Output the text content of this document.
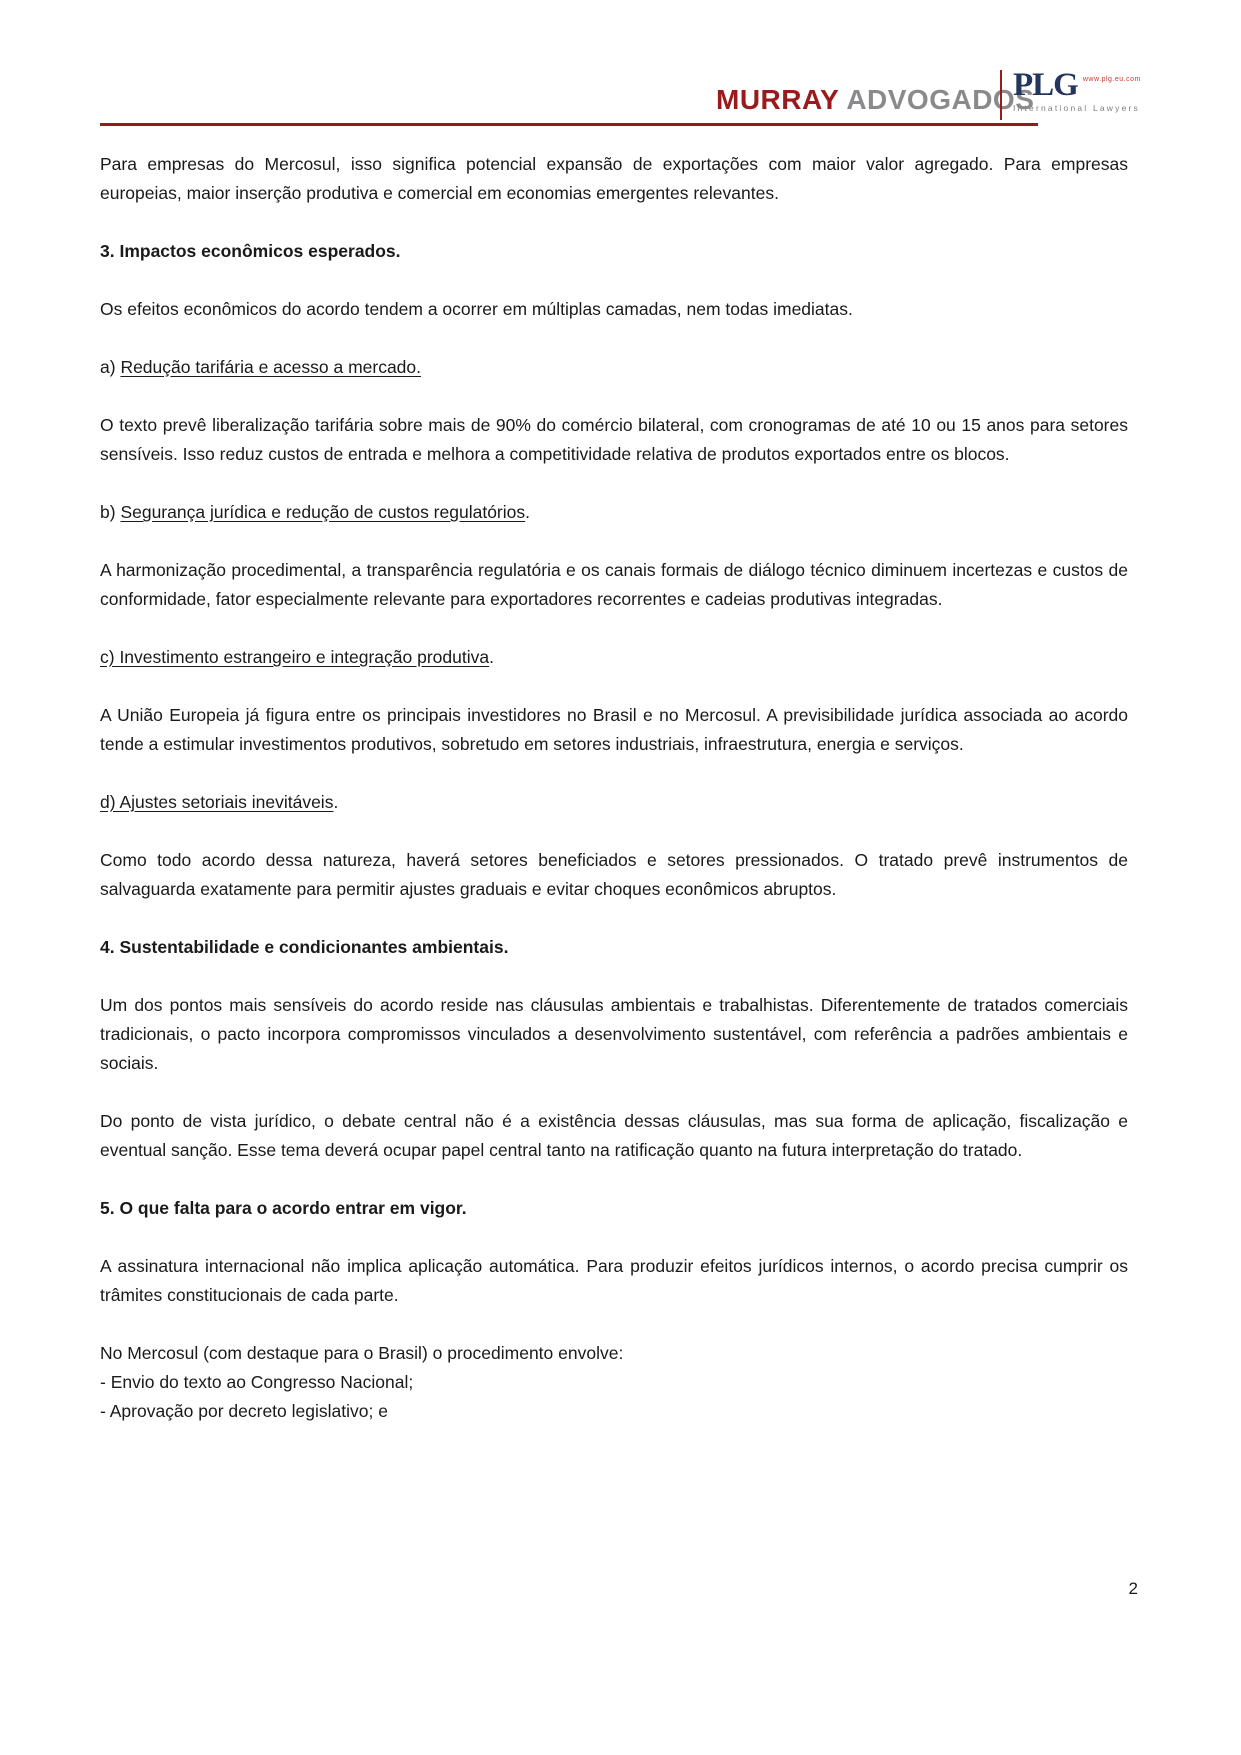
MURRAY ADVOGADOS
PLG www.plg.eu.com
International Lawyers

Para empresas do Mercosul, isso significa potencial expansão de exportações com maior valor agregado. Para empresas europeias, maior inserção produtiva e comercial em economias emergentes relevantes.

3. Impactos econômicos esperados.

Os efeitos econômicos do acordo tendem a ocorrer em múltiplas camadas, nem todas imediatas.

a) Redução tarifária e acesso a mercado.

O texto prevê liberalização tarifária sobre mais de 90% do comércio bilateral, com cronogramas de até 10 ou 15 anos para setores sensíveis. Isso reduz custos de entrada e melhora a competitividade relativa de produtos exportados entre os blocos.

b) Segurança jurídica e redução de custos regulatórios.

A harmonização procedimental, a transparência regulatória e os canais formais de diálogo técnico diminuem incertezas e custos de conformidade, fator especialmente relevante para exportadores recorrentes e cadeias produtivas integradas.

c) Investimento estrangeiro e integração produtiva.

A União Europeia já figura entre os principais investidores no Brasil e no Mercosul. A previsibilidade jurídica associada ao acordo tende a estimular investimentos produtivos, sobretudo em setores industriais, infraestrutura, energia e serviços.

d) Ajustes setoriais inevitáveis.

Como todo acordo dessa natureza, haverá setores beneficiados e setores pressionados. O tratado prevê instrumentos de salvaguarda exatamente para permitir ajustes graduais e evitar choques econômicos abruptos.

4. Sustentabilidade e condicionantes ambientais.

Um dos pontos mais sensíveis do acordo reside nas cláusulas ambientais e trabalhistas. Diferentemente de tratados comerciais tradicionais, o pacto incorpora compromissos vinculados a desenvolvimento sustentável, com referência a padrões ambientais e sociais.

Do ponto de vista jurídico, o debate central não é a existência dessas cláusulas, mas sua forma de aplicação, fiscalização e eventual sanção. Esse tema deverá ocupar papel central tanto na ratificação quanto na futura interpretação do tratado.

5. O que falta para o acordo entrar em vigor.

A assinatura internacional não implica aplicação automática. Para produzir efeitos jurídicos internos, o acordo precisa cumprir os trâmites constitucionais de cada parte.

No Mercosul (com destaque para o Brasil) o procedimento envolve:

- Envio do texto ao Congresso Nacional;

- Aprovação por decreto legislativo; e

2
